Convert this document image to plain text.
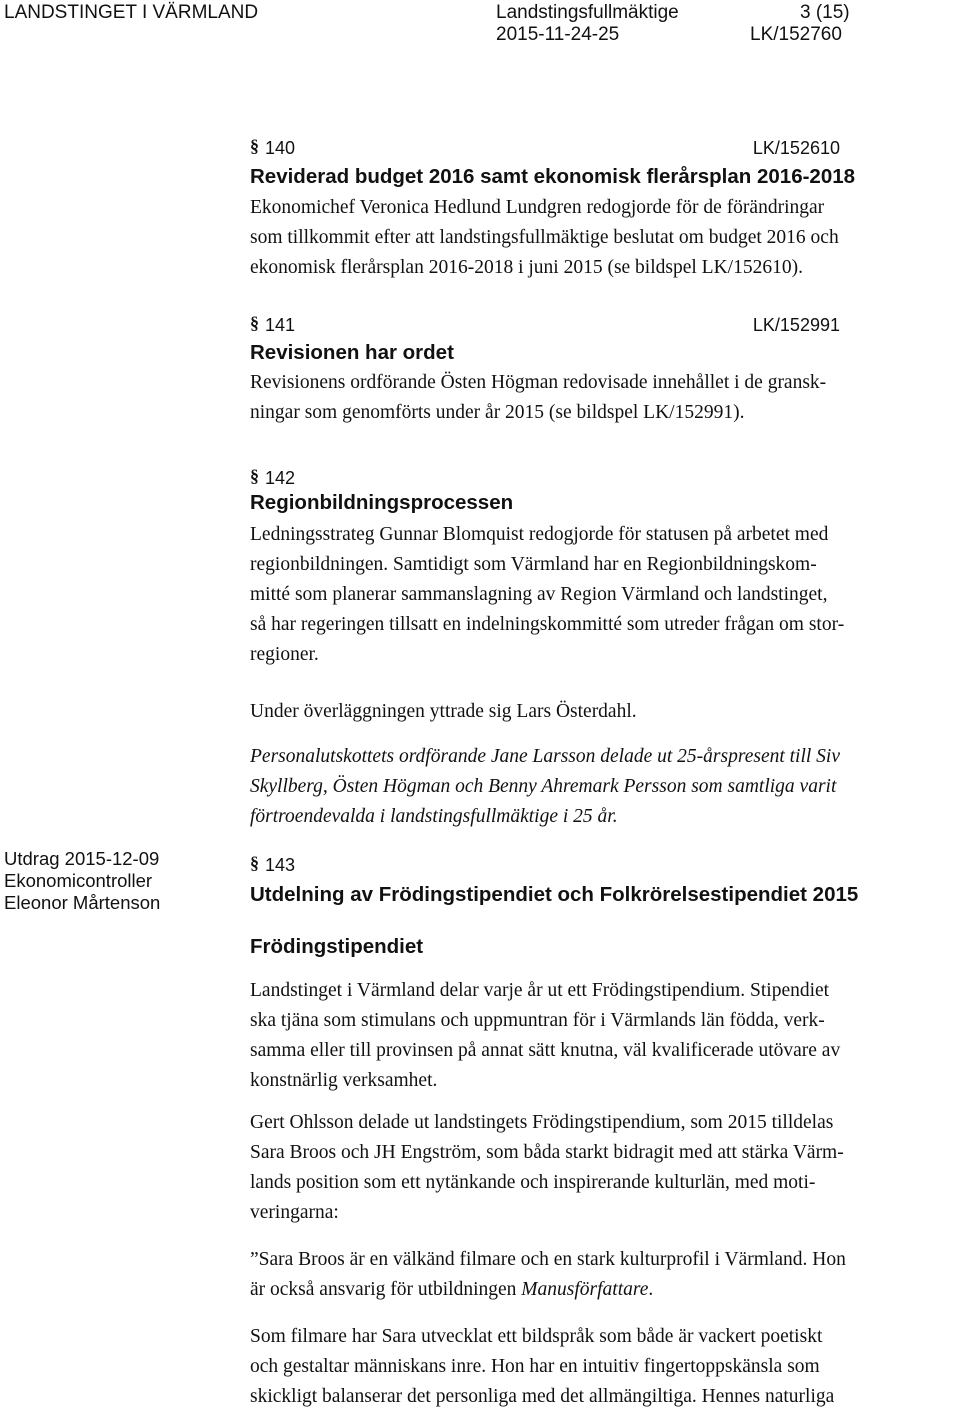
LANDSTINGET I VÄRMLAND	Landstingsfullmäktige	3 (15)
2015-11-24-25	LK/152760
Utdrag 2015-12-09
Ekonomicontroller
Eleonor Mårtenson
§ 140	LK/152610
Reviderad budget 2016 samt ekonomisk flerårsplan 2016-2018
Ekonomichef Veronica Hedlund Lundgren redogjorde för de förändringar
som tillkommit efter att landstingsfullmäktige beslutat om budget 2016 och
ekonomisk flerårsplan 2016-2018 i juni 2015 (se bildspel LK/152610).
§ 141	LK/152991
Revisionen har ordet
Revisionens ordförande Östen Högman redovisade innehållet i de gransk-
ningar som genomförts under år 2015 (se bildspel LK/152991).
§ 142
Regionbildningsprocessen
Ledningsstrateg Gunnar Blomquist redogjorde för statusen på arbetet med
regionbildningen. Samtidigt som Värmland har en Regionbildningskom-
mitté som planerar sammanslagning av Region Värmland och landstinget,
så har regeringen tillsatt en indelningskommitté som utreder frågan om stor-
regioner.
Under överläggningen yttrade sig Lars Österdahl.
Personalutskottets ordförande Jane Larsson delade ut 25-årspresent till Siv
Skyllberg, Östen Högman och Benny Ahremark Persson som samtliga varit
förtroendevalda i landstingsfullmäktige i 25 år.
§ 143
Utdelning av Frödingstipendiet och Folkrörelsestipendiet 2015
Frödingstipendiet
Landstinget i Värmland delar varje år ut ett Frödingstipendium. Stipendiet
ska tjäna som stimulans och uppmuntran för i Värmlands län födda, verk-
samma eller till provinsen på annat sätt knutna, väl kvalificerade utövare av
konstnärlig verksamhet.
Gert Ohlsson delade ut landstingets Frödingstipendium, som 2015 tilldelas
Sara Broos och JH Engström, som båda starkt bidragit med att stärka Värm-
lands position som ett nytänkande och inspirerande kulturlän, med moti-
veringarna:
”Sara Broos är en välkänd filmare och en stark kulturprofil i Värmland. Hon
är också ansvarig för utbildningen Manusförfattare.
Som filmare har Sara utvecklat ett bildspråk som både är vackert poetiskt
och gestaltar människans inre. Hon har en intuitiv fingertoppskänsla som
skickligt balanserar det personliga med det allmängiltiga. Hennes naturliga
